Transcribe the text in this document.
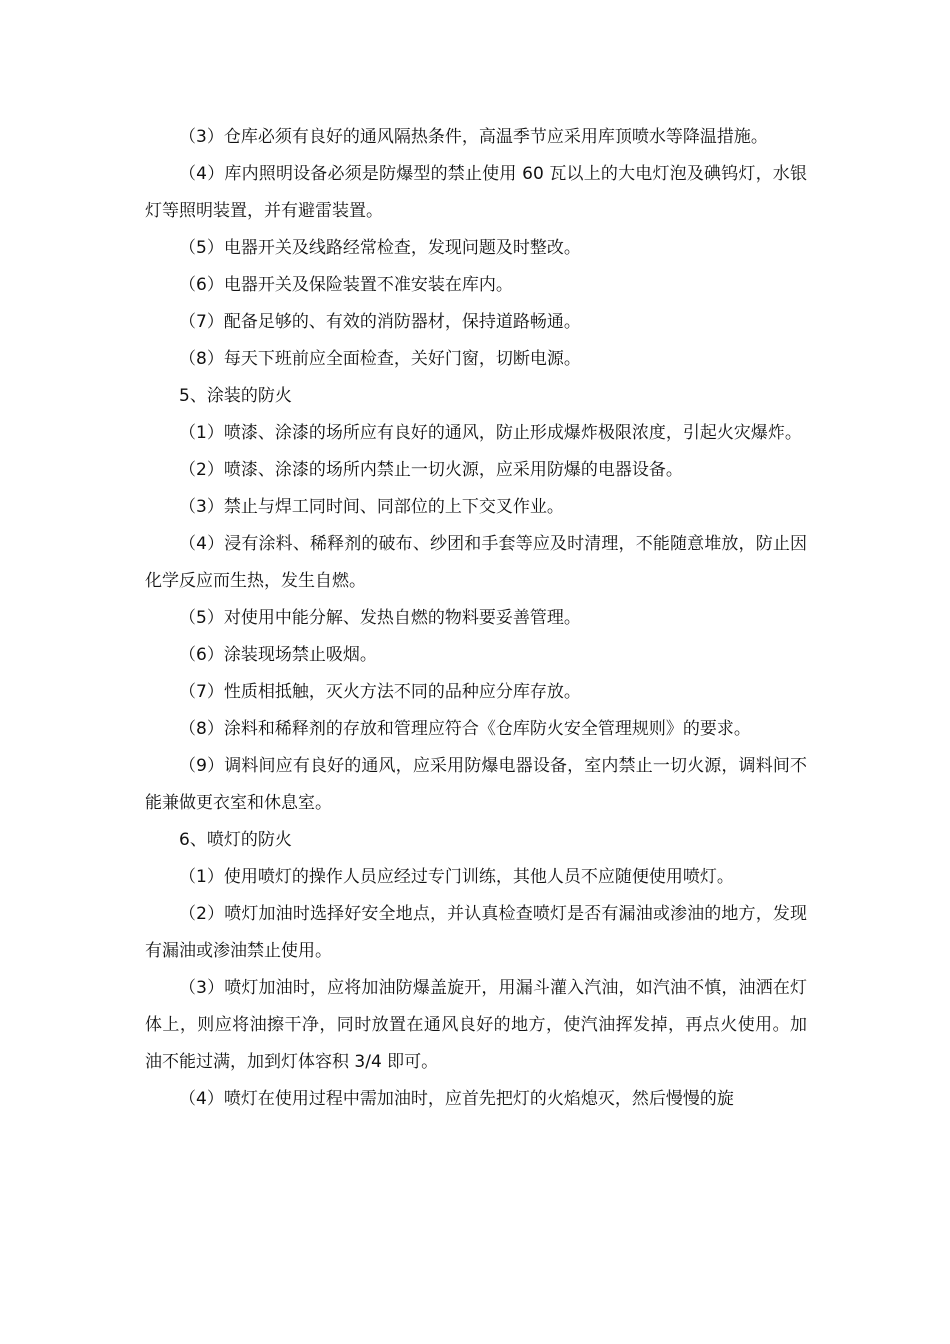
（3）仓库必须有良好的通风隔热条件，高温季节应采用库顶喷水等降温措施。

（4）库内照明设备必须是防爆型的禁止使用 60 瓦以上的大电灯泡及碘钨灯，水银灯等照明装置，并有避雷装置。

（5）电器开关及线路经常检查，发现问题及时整改。

（6）电器开关及保险装置不准安装在库内。

（7）配备足够的、有效的消防器材，保持道路畅通。

（8）每天下班前应全面检查，关好门窗，切断电源。

5、涂装的防火

（1）喷漆、涂漆的场所应有良好的通风，防止形成爆炸极限浓度，引起火灾爆炸。

（2）喷漆、涂漆的场所内禁止一切火源，应采用防爆的电器设备。

（3）禁止与焊工同时间、同部位的上下交叉作业。

（4）浸有涂料、稀释剂的破布、纱团和手套等应及时清理，不能随意堆放，防止因化学反应而生热，发生自燃。

（5）对使用中能分解、发热自燃的物料要妥善管理。

（6）涂装现场禁止吸烟。

（7）性质相抵触，灭火方法不同的品种应分库存放。

（8）涂料和稀释剂的存放和管理应符合《仓库防火安全管理规则》的要求。

（9）调料间应有良好的通风，应采用防爆电器设备，室内禁止一切火源，调料间不能兼做更衣室和休息室。

6、喷灯的防火

（1）使用喷灯的操作人员应经过专门训练，其他人员不应随便使用喷灯。

（2）喷灯加油时选择好安全地点，并认真检查喷灯是否有漏油或渗油的地方，发现有漏油或渗油禁止使用。

（3）喷灯加油时，应将加油防爆盖旋开，用漏斗灌入汽油，如汽油不慎，油洒在灯体上，则应将油擦干净，同时放置在通风良好的地方，使汽油挥发掉，再点火使用。加油不能过满，加到灯体容积 3/4 即可。

（4）喷灯在使用过程中需加油时，应首先把灯的火焰熄灭，然后慢慢的旋
